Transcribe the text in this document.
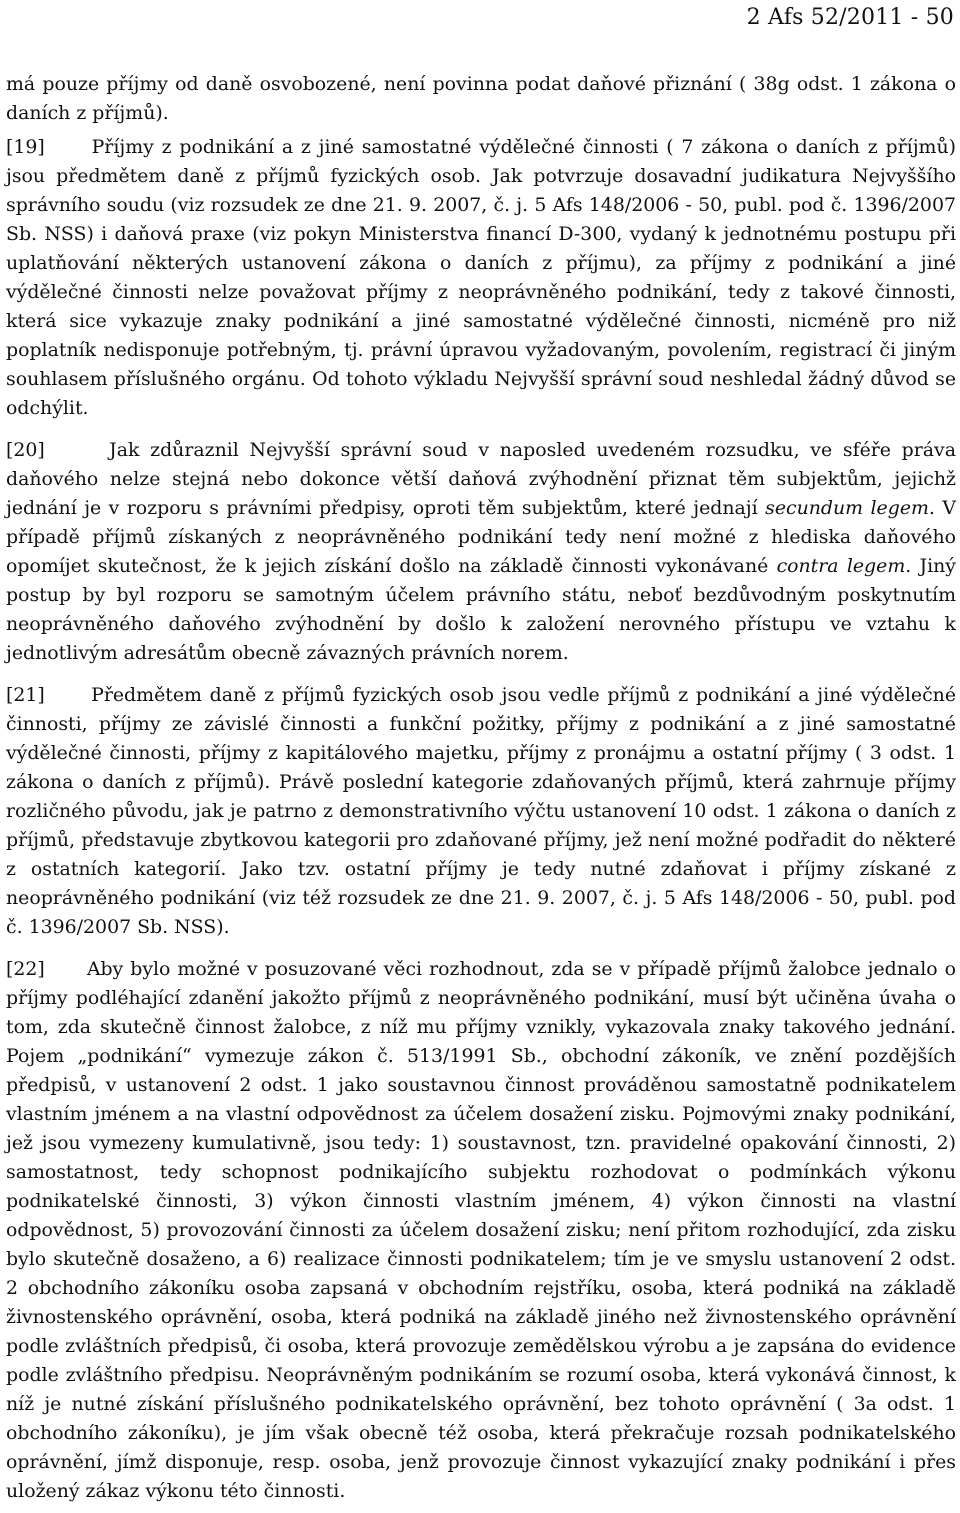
2 Afs 52/2011 - 50

má pouze příjmy od daně osvobozené, není povinna podat daňové přiznání ( 38g odst. 1 zákona o daních z příjmů).

[19] Příjmy z podnikání a z jiné samostatné výdělečné činnosti ( 7 zákona o daních z příjmů) jsou předmětem daně z příjmů fyzických osob. Jak potvrzuje dosavadní judikatura Nejvyššího správního soudu (viz rozsudek ze dne 21. 9. 2007, č. j. 5 Afs 148/2006 - 50, publ. pod č. 1396/2007 Sb. NSS) i daňová praxe (viz pokyn Ministerstva financí D-300, vydaný k jednotnému postupu při uplatňování některých ustanovení zákona o daních z příjmu), za příjmy z podnikání a jiné výdělečné činnosti nelze považovat příjmy z neoprávněného podnikání, tedy z takové činnosti, která sice vykazuje znaky podnikání a jiné samostatné výdělečné činnosti, nicméně pro niž poplatník nedisponuje potřebným, tj. právní úpravou vyžadovaným, povolením, registrací či jiným souhlasem příslušného orgánu. Od tohoto výkladu Nejvyšší správní soud neshledal žádný důvod se odchýlit.

[20]	Jak zdůraznil Nejvyšší správní soud v naposled uvedeném rozsudku, ve sféře práva daňového nelze stejná nebo dokonce větší daňová zvýhodnění přiznat těm subjektům, jejichž jednání je v rozporu s právními předpisy, oproti těm subjektům, které jednají secundum legem. V případě příjmů získaných z neoprávněného podnikání tedy není možné z hlediska daňového opomíjet skutečnost, že k jejich získání došlo na základě činnosti vykonávané contra legem. Jiný postup by byl rozporu se samotným účelem právního státu, neboť bezdůvodným poskytnutím neoprávněného daňového zvýhodnění by došlo k založení nerovného přístupu ve vztahu k jednotlivým adresátům obecně závazných právních norem.

[21] Předmětem daně z příjmů fyzických osob jsou vedle příjmů z podnikání a jiné výdělečné činnosti, příjmy ze závislé činnosti a funkční požitky, příjmy z podnikání a z jiné samostatné výdělečné činnosti, příjmy z kapitálového majetku, příjmy z pronájmu a ostatní příjmy ( 3 odst. 1 zákona o daních z příjmů). Právě poslední kategorie zdaňovaných příjmů, která zahrnuje příjmy rozličného původu, jak je patrno z demonstrativního výčtu ustanovení 10 odst. 1 zákona o daních z příjmů, představuje zbytkovou kategorii pro zdaňované příjmy, jež není možné podřadit do některé z ostatních kategorií. Jako tzv. ostatní příjmy je tedy nutné zdaňovat i příjmy získané z neoprávněného podnikání (viz též rozsudek ze dne 21. 9. 2007, č. j. 5 Afs 148/2006 - 50, publ. pod č. 1396/2007 Sb. NSS).

[22] Aby bylo možné v posuzované věci rozhodnout, zda se v případě příjmů žalobce jednalo o příjmy podléhající zdanění jakožto příjmů z neoprávněného podnikání, musí být učiněna úvaha o tom, zda skutečně činnost žalobce, z níž mu příjmy vznikly, vykazovala znaky takového jednání. Pojem „podnikání“ vymezuje zákon č. 513/1991 Sb., obchodní zákoník, ve znění pozdějších předpisů, v ustanovení 2 odst. 1 jako soustavnou činnost prováděnou samostatně podnikatelem vlastním jménem a na vlastní odpovědnost za účelem dosažení zisku. Pojmovými znaky podnikání, jež jsou vymezeny kumulativně, jsou tedy: 1) soustavnost, tzn. pravidelné opakování činnosti, 2) samostatnost, tedy schopnost podnikajícího subjektu rozhodovat o podmínkách výkonu podnikatelské činnosti, 3) výkon činnosti vlastním jménem, 4) výkon činnosti na vlastní odpovědnost, 5) provozování činnosti za účelem dosažení zisku; není přitom rozhodující, zda zisku bylo skutečně dosaženo, a 6) realizace činnosti podnikatelem; tím je ve smyslu ustanovení 2 odst. 2 obchodního zákoníku osoba zapsaná v obchodním rejstříku, osoba, která podniká na základě živnostenského oprávnění, osoba, která podniká na základě jiného než živnostenského oprávnění podle zvláštních předpisů, či osoba, která provozuje zemědělskou výrobu a je zapsána do evidence podle zvláštního předpisu. Neoprávněným podnikáním se rozumí osoba, která vykonává činnost, k níž je nutné získání příslušného podnikatelského oprávnění, bez tohoto oprávnění ( 3a odst. 1 obchodního zákoníku), je jím však obecně též osoba, která překračuje rozsah podnikatelského oprávnění, jímž disponuje, resp. osoba, jenž provozuje činnost vykazující znaky podnikání i přes uložený zákaz výkonu této činnosti.
